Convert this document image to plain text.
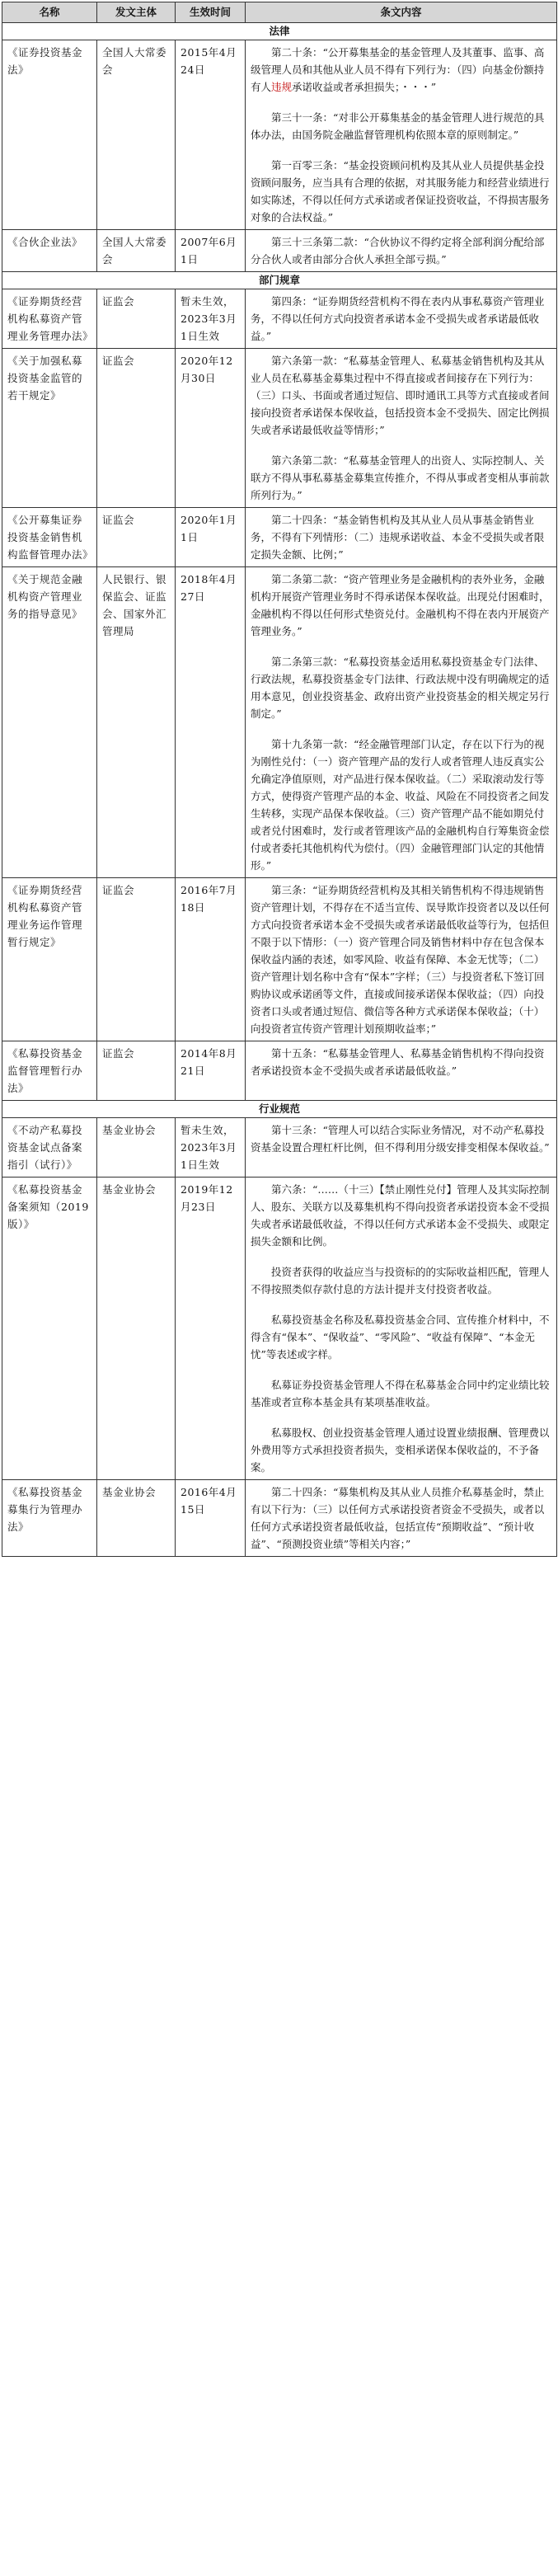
名称	发文主体	生效时间	条文内容
法律			
《证券投资基金法》	全国人大常委会	2015年4月24日	第二十条：“公开募集基金的基金管理人及其董事、监事、高级管理人员和其他从业人员不得有下列行为：（四）向基金份额持有人违规承诺收益或者承担损失；・・・”

第三十一条：“对非公开募集基金的基金管理人进行规范的具体办法，由国务院金融监督管理机构依照本章的原则制定。”

第一百零三条：“基金投资顾问机构及其从业人员提供基金投资顾问服务，应当具有合理的依据，对其服务能力和经营业绩进行如实陈述，不得以任何方式承诺或者保证投资收益，不得损害服务对象的合法权益。”

《合伙企业法》	全国人大常委会	2007年6月1日	第三十三条第二款：“合伙协议不得约定将全部利润分配给部分合伙人或者由部分合伙人承担全部亏损。”

部门规章			
《证券期货经营机构私募资产管理业务管理办法》	证监会	暂未生效，2023年3月1日生效	第四条：“证券期货经营机构不得在表内从事私募资产管理业务，不得以任何方式向投资者承诺本金不受损失或者承诺最低收益。”

《关于加强私募投资基金监管的若干规定》	证监会	2020年12月30日	第六条第一款：“私募基金管理人、私募基金销售机构及其从业人员在私募基金募集过程中不得直接或者间接存在下列行为：（三）口头、书面或者通过短信、即时通讯工具等方式直接或者间接向投资者承诺保本保收益，包括投资本金不受损失、固定比例损失或者承诺最低收益等情形；”

第六条第二款：“私募基金管理人的出资人、实际控制人、关联方不得从事私募基金募集宣传推介，不得从事或者变相从事前款所列行为。”

《公开募集证券投资基金销售机构监督管理办法》	证监会	2020年1月1日	第二十四条：“基金销售机构及其从业人员从事基金销售业务，不得有下列情形：（二）违规承诺收益、本金不受损失或者限定损失金额、比例；”

《关于规范金融机构资产管理业务的指导意见》	人民银行、银保监会、证监会、国家外汇管理局	2018年4月27日	第二条第二款：“资产管理业务是金融机构的表外业务，金融机构开展资产管理业务时不得承诺保本保收益。出现兑付困难时，金融机构不得以任何形式垫资兑付。金融机构不得在表内开展资产管理业务。”

第二条第三款：“私募投资基金适用私募投资基金专门法律、行政法规，私募投资基金专门法律、行政法规中没有明确规定的适用本意见，创业投资基金、政府出资产业投资基金的相关规定另行制定。”

第十九条第一款：“经金融管理部门认定，存在以下行为的视为刚性兑付：（一）资产管理产品的发行人或者管理人违反真实公允确定净值原则，对产品进行保本保收益。（二）采取滚动发行等方式，使得资产管理产品的本金、收益、风险在不同投资者之间发生转移，实现产品保本保收益。（三）资产管理产品不能如期兑付或者兑付困难时，发行或者管理该产品的金融机构自行筹集资金偿付或者委托其他机构代为偿付。（四）金融管理部门认定的其他情形。”

《证券期货经营机构私募资产管理业务运作管理暂行规定》	证监会	2016年7月18日	第三条：“证券期货经营机构及其相关销售机构不得违规销售资产管理计划，不得存在不适当宣传、误导欺诈投资者以及以任何方式向投资者承诺本金不受损失或者承诺最低收益等行为，包括但不限于以下情形：（一）资产管理合同及销售材料中存在包含保本保收益内涵的表述，如零风险、收益有保障、本金无忧等；（二）资产管理计划名称中含有“保本”字样；（三）与投资者私下签订回购协议或承诺函等文件，直接或间接承诺保本保收益；（四）向投资者口头或者通过短信、微信等各种方式承诺保本保收益；（十）向投资者宣传资产管理计划预期收益率；”

《私募投资基金监督管理暂行办法》	证监会	2014年8月21日	第十五条：“私募基金管理人、私募基金销售机构不得向投资者承诺投资本金不受损失或者承诺最低收益。”

行业规范			
《不动产私募投资基金试点备案指引（试行）》	基金业协会	暂未生效，2023年3月1日生效	第十三条：“管理人可以结合实际业务情况，对不动产私募投资基金设置合理杠杆比例，但不得利用分级安排变相保本保收益。”

《私募投资基金备案须知（2019版）》	基金业协会	2019年12月23日	第六条：“……（十三）【禁止刚性兑付】管理人及其实际控制人、股东、关联方以及募集机构不得向投资者承诺投资本金不受损失或者承诺最低收益，不得以任何方式承诺本金不受损失、或限定损失金额和比例。

投资者获得的收益应当与投资标的的实际收益相匹配，管理人不得按照类似存款付息的方法计提并支付投资者收益。

私募投资基金名称及私募投资基金合同、宣传推介材料中，不得含有“保本”、“保收益”、“零风险”、“收益有保障”、“本金无忧”等表述或字样。

私募证券投资基金管理人不得在私募基金合同中约定业绩比较基准或者宣称本基金具有某项基准收益。

私募股权、创业投资基金管理人通过设置业绩报酬、管理费以外费用等方式承担投资者损失，变相承诺保本保收益的，不予备案。

《私募投资基金募集行为管理办法》	基金业协会	2016年4月15日	第二十四条：“募集机构及其从业人员推介私募基金时，禁止有以下行为：（三）以任何方式承诺投资者资金不受损失，或者以任何方式承诺投资者最低收益，包括宣传“预期收益”、“预计收益”、“预测投资业绩”等相关内容；”
